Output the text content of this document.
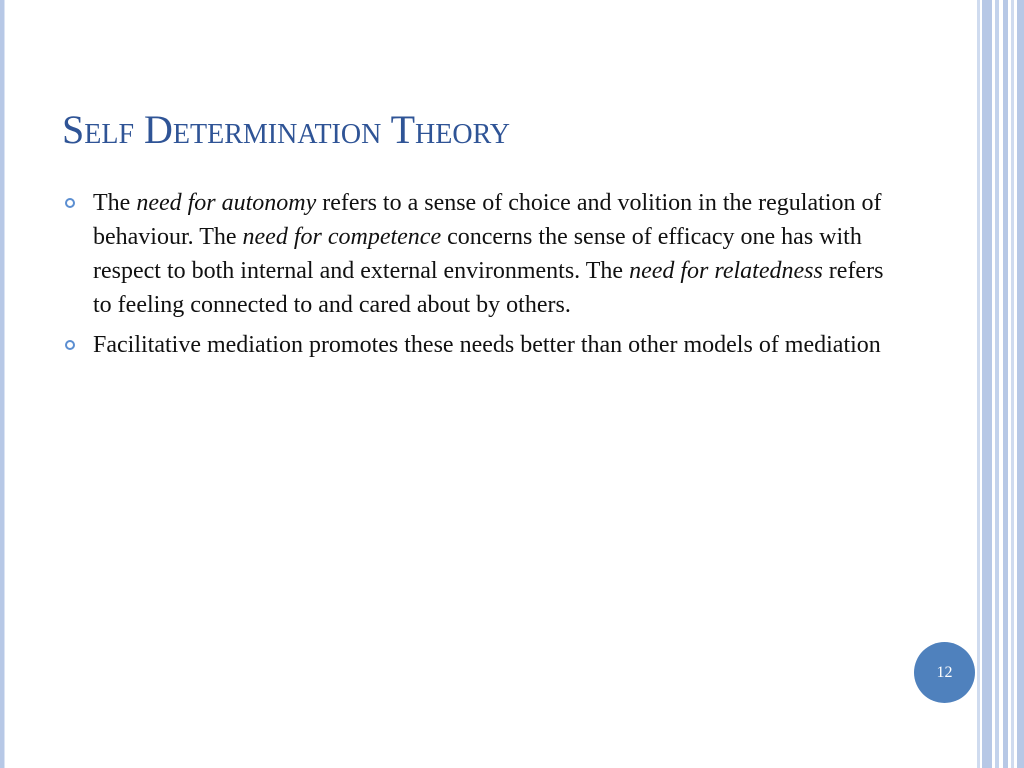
Self Determination Theory
The need for autonomy refers to a sense of choice and volition in the regulation of behaviour. The need for competence concerns the sense of efficacy one has with respect to both internal and external environments. The need for relatedness refers to feeling connected to and cared about by others.
Facilitative mediation promotes these needs better than other models of mediation
12
